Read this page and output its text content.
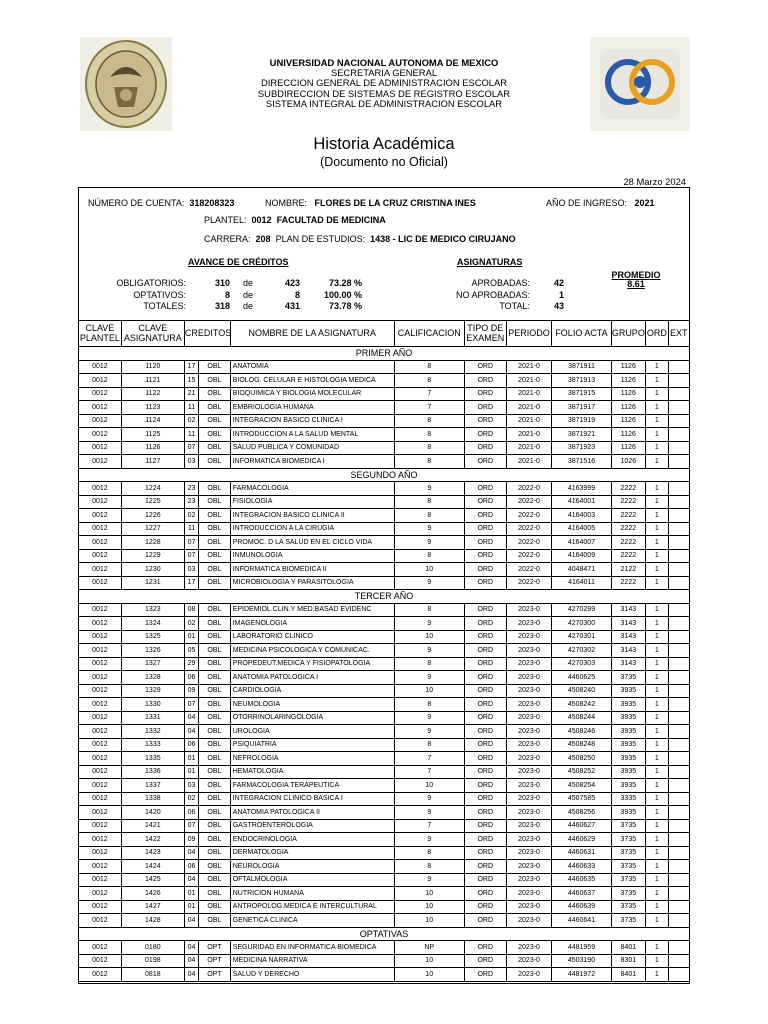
UNIVERSIDAD NACIONAL AUTONOMA DE MEXICO
SECRETARIA GENERAL
DIRECCION GENERAL DE ADMINISTRACION ESCOLAR
SUBDIRECCION DE SISTEMAS DE REGISTRO ESCOLAR
SISTEMA INTEGRAL DE ADMINISTRACION ESCOLAR
Historia Académica
(Documento no Oficial)
28 Marzo 2024
NÚMERO DE CUENTA: 318208323	NOMBRE: FLORES DE LA CRUZ CRISTINA INES	AÑO DE INGRESO: 2021
PLANTEL: 0012 FACULTAD DE MEDICINA
CARRERA: 208 PLAN DE ESTUDIOS: 1438 - LIC DE MEDICO CIRUJANO
AVANCE DE CRÉDITOS
OBLIGATORIOS:	310	de	423	73.28 %
OPTATIVOS:	8	de	8	100.00 %
TOTALES:	318	de	431	73.78 %
ASIGNATURAS
APROBADAS:	42
NO APROBADAS:	1
TOTAL:	43
PROMEDIO
8.61
CLAVE PLANTEL	CLAVE ASIGNATURA	CREDITOS		NOMBRE DE LA ASIGNATURA	CALIFICACION	TIPO DE EXAMEN	PERIODO	FOLIO ACTA	GRUPO	ORD	EXT
PRIMER AÑO											
0012	1120	17	OBL	ANATOMIA	8	ORD	2021-0	3871911	1126	1	
0012	1121	15	OBL	BIOLOG. CELULAR E HISTOLOGIA MEDICA	8	ORD	2021-0	3871913	1126	1	
0012	1122	21	OBL	BIOQUIMICA Y BIOLOGIA MOLECULAR	7	ORD	2021-0	3871915	1126	1	
0012	1123	11	OBL	EMBRIOLOGIA HUMANA	7	ORD	2021-0	3871917	1126	1	
0012	1124	02	OBL	INTEGRACION BASICO CLINICA I	8	ORD	2021-0	3871919	1126	1	
0012	1125	11	OBL	INTRODUCCION A LA SALUD MENTAL	8	ORD	2021-0	3871921	1126	1	
0012	1126	07	OBL	SALUD PUBLICA Y COMUNIDAD	8	ORD	2021-0	3871923	1126	1	
0012	1127	03	OBL	INFORMATICA BIOMEDICA I	8	ORD	2021-0	3871516	1026	1	
SEGUNDO AÑO											
0012	1224	23	OBL	FARMACOLOGIA	9	ORD	2022-0	4163999	2222	1	
0012	1225	23	OBL	FISIOLOGIA	8	ORD	2022-0	4164001	2222	1	
0012	1226	02	OBL	INTEGRACION BASICO CLINICA II	8	ORD	2022-0	4164003	2222	1	
0012	1227	11	OBL	INTRODUCCION A LA CIRUGIA	9	ORD	2022-0	4164005	2222	1	
0012	1228	07	OBL	PROMOC. D LA SALUD EN EL CICLO VIDA	9	ORD	2022-0	4164007	2222	1	
0012	1229	07	OBL	INMUNOLOGIA	8	ORD	2022-0	4164009	2222	1	
0012	1230	03	OBL	INFORMATICA BIOMEDICA II	10	ORD	2022-0	4048471	2122	1	
0012	1231	17	OBL	MICROBIOLOGIA Y PARASITOLOGIA	9	ORD	2022-0	4164011	2222	1	
TERCER AÑO											
0012	1323	08	OBL	EPIDEMIOL.CLIN.Y MED.BASAD EVIDENC	8	ORD	2023-0	4270299	3143	1	
0012	1324	02	OBL	IMAGENOLOGIA	9	ORD	2023-0	4270300	3143	1	
0012	1325	01	OBL	LABORATORIO CLINICO	10	ORD	2023-0	4270301	3143	1	
0012	1326	05	OBL	MEDICINA PSICOLOGICA Y COMUNICAC.	9	ORD	2023-0	4270302	3143	1	
0012	1327	29	OBL	PROPEDEUT.MEDICA Y FISIOPATOLOGIA	8	ORD	2023-0	4270303	3143	1	
0012	1328	06	OBL	ANATOMIA PATOLOGICA I	9	ORD	2023-0	4460625	3735	1	
0012	1329	09	OBL	CARDIOLOGIA	10	ORD	2023-0	4508240	3935	1	
0012	1330	07	OBL	NEUMOLOGIA	8	ORD	2023-0	4508242	3935	1	
0012	1331	04	OBL	OTORRINOLARINGOLOGIA	9	ORD	2023-0	4508244	3935	1	
0012	1332	04	OBL	UROLOGIA	9	ORD	2023-0	4508246	3935	1	
0012	1333	06	OBL	PSIQUIATRIA	8	ORD	2023-0	4508248	3935	1	
0012	1335	01	OBL	NEFROLOGIA	7	ORD	2023-0	4508250	3935	1	
0012	1336	01	OBL	HEMATOLOGIA	7	ORD	2023-0	4508252	3935	1	
0012	1337	03	OBL	FARMACOLOGIA TERAPEUTICA	10	ORD	2023-0	4508254	3935	1	
0012	1338	02	OBL	INTEGRACION CLINICO BASICA I	9	ORD	2023-0	4507585	3335	1	
0012	1420	06	OBL	ANATOMIA PATOLOGICA II	9	ORD	2023-0	4508256	3935	1	
0012	1421	07	OBL	GASTROENTEROLOGIA	7	ORD	2023-0	4460627	3735	1	
0012	1422	09	OBL	ENDOCRINOLOGIA	9	ORD	2023-0	4460629	3735	1	
0012	1423	04	OBL	DERMATOLOGIA	8	ORD	2023-0	4460631	3735	1	
0012	1424	06	OBL	NEUROLOGIA	8	ORD	2023-0	4460633	3735	1	
0012	1425	04	OBL	OFTALMOLOGIA	9	ORD	2023-0	4460635	3735	1	
0012	1426	01	OBL	NUTRICION HUMANA	10	ORD	2023-0	4460637	3735	1	
0012	1427	01	OBL	ANTROPOLOG.MEDICA E INTERCULTURAL	10	ORD	2023-0	4460639	3735	1	
0012	1428	04	OBL	GENETICA CLINICA	10	ORD	2023-0	4460641	3735	1	
OPTATIVAS											
0012	0180	04	OPT	SEGURIDAD EN INFORMATICA BIOMEDICA	NP	ORD	2023-0	4481959	8401	1	
0012	0198	04	OPT	MEDICINA NARRATIVA	10	ORD	2023-0	4503190	8301	1	
0012	0818	04	OPT	SALUD Y DERECHO	10	ORD	2023-0	4481972	8401	1	
